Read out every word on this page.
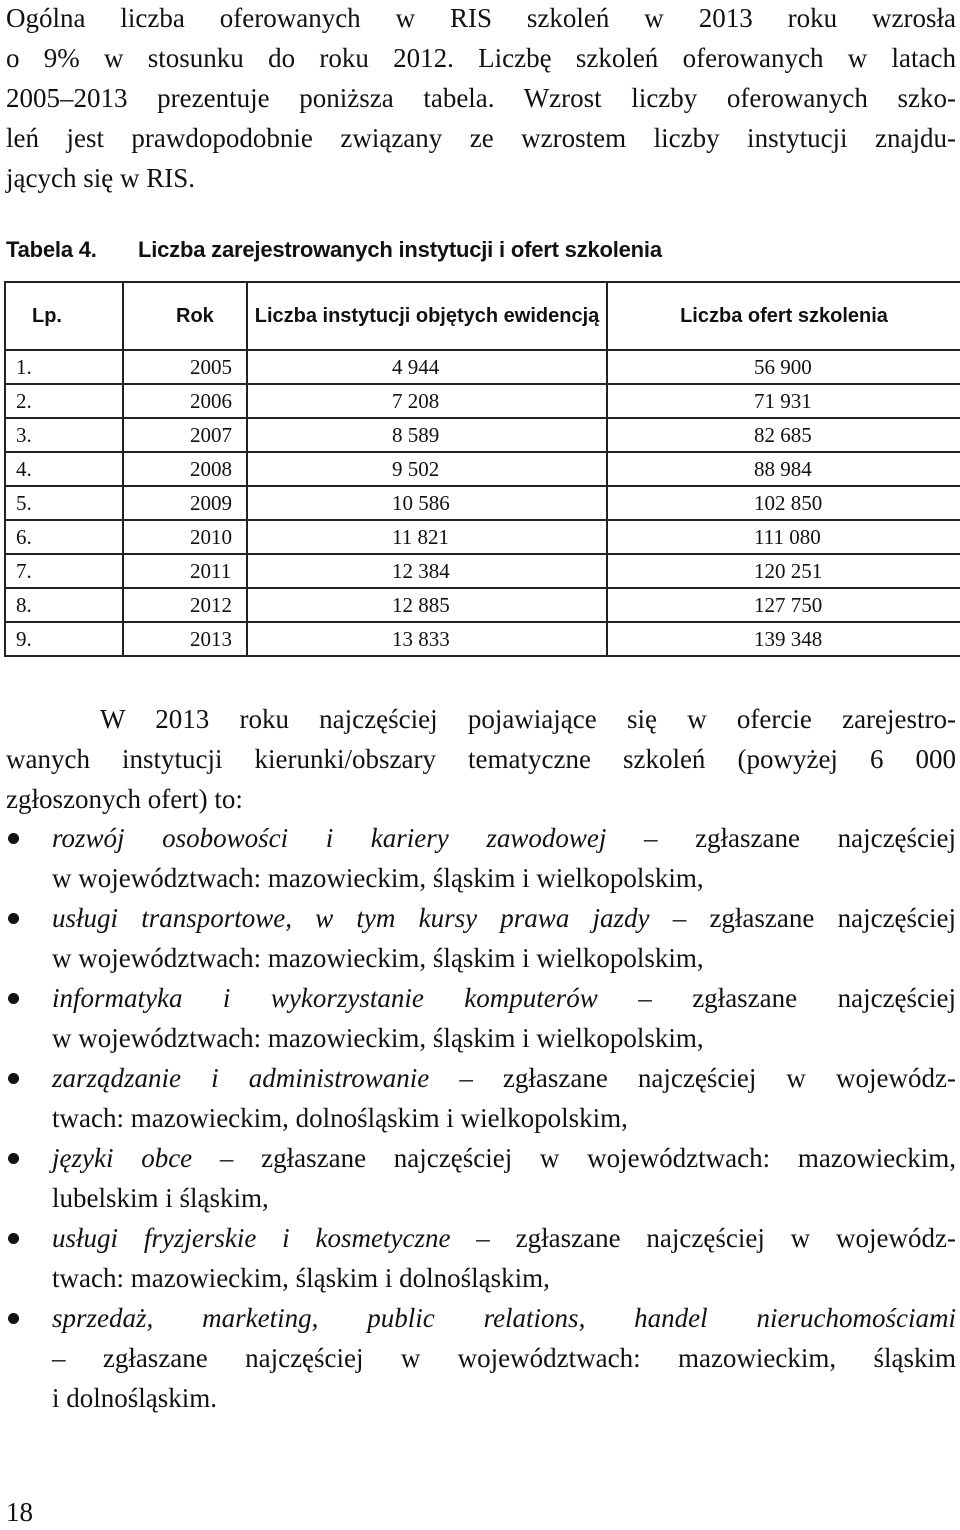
Ogólna liczba oferowanych w RIS szkoleń w 2013 roku wzrosła
o 9% w stosunku do roku 2012. Liczbę szkoleń oferowanych w latach
2005–2013 prezentuje poniższa tabela. Wzrost liczby oferowanych szko-
leń jest prawdopodobnie związany ze wzrostem liczby instytucji znajdu-
jących się w RIS.
Tabela 4. Liczba zarejestrowanych instytucji i ofert szkolenia
Lp.	Rok	Liczba instytucji objętych ewidencją	Liczba ofert szkolenia
1.	2005	4 944	56 900
2.	2006	7 208	71 931
3.	2007	8 589	82 685
4.	2008	9 502	88 984
5.	2009	10 586	102 850
6.	2010	11 821	111 080
7.	2011	12 384	120 251
8.	2012	12 885	127 750
9.	2013	13 833	139 348
W 2013 roku najczęściej pojawiające się w ofercie zarejestro-
wanych instytucji kierunki/obszary tematyczne szkoleń (powyżej 6 000
zgłoszonych ofert) to:
rozwój osobowości i kariery zawodowej – zgłaszane najczęściej
w województwach: mazowieckim, śląskim i wielkopolskim,
usługi transportowe, w tym kursy prawa jazdy – zgłaszane najczęściej
w województwach: mazowieckim, śląskim i wielkopolskim,
informatyka i wykorzystanie komputerów – zgłaszane najczęściej
w województwach: mazowieckim, śląskim i wielkopolskim,
zarządzanie i administrowanie – zgłaszane najczęściej w wojewódz-
twach: mazowieckim, dolnośląskim i wielkopolskim,
języki obce – zgłaszane najczęściej w województwach: mazowieckim,
lubelskim i śląskim,
usługi fryzjerskie i kosmetyczne – zgłaszane najczęściej w wojewódz-
twach: mazowieckim, śląskim i dolnośląskim,
sprzedaż, marketing, public relations, handel nieruchomościami
– zgłaszane najczęściej w województwach: mazowieckim, śląskim
i dolnośląskim.
18
